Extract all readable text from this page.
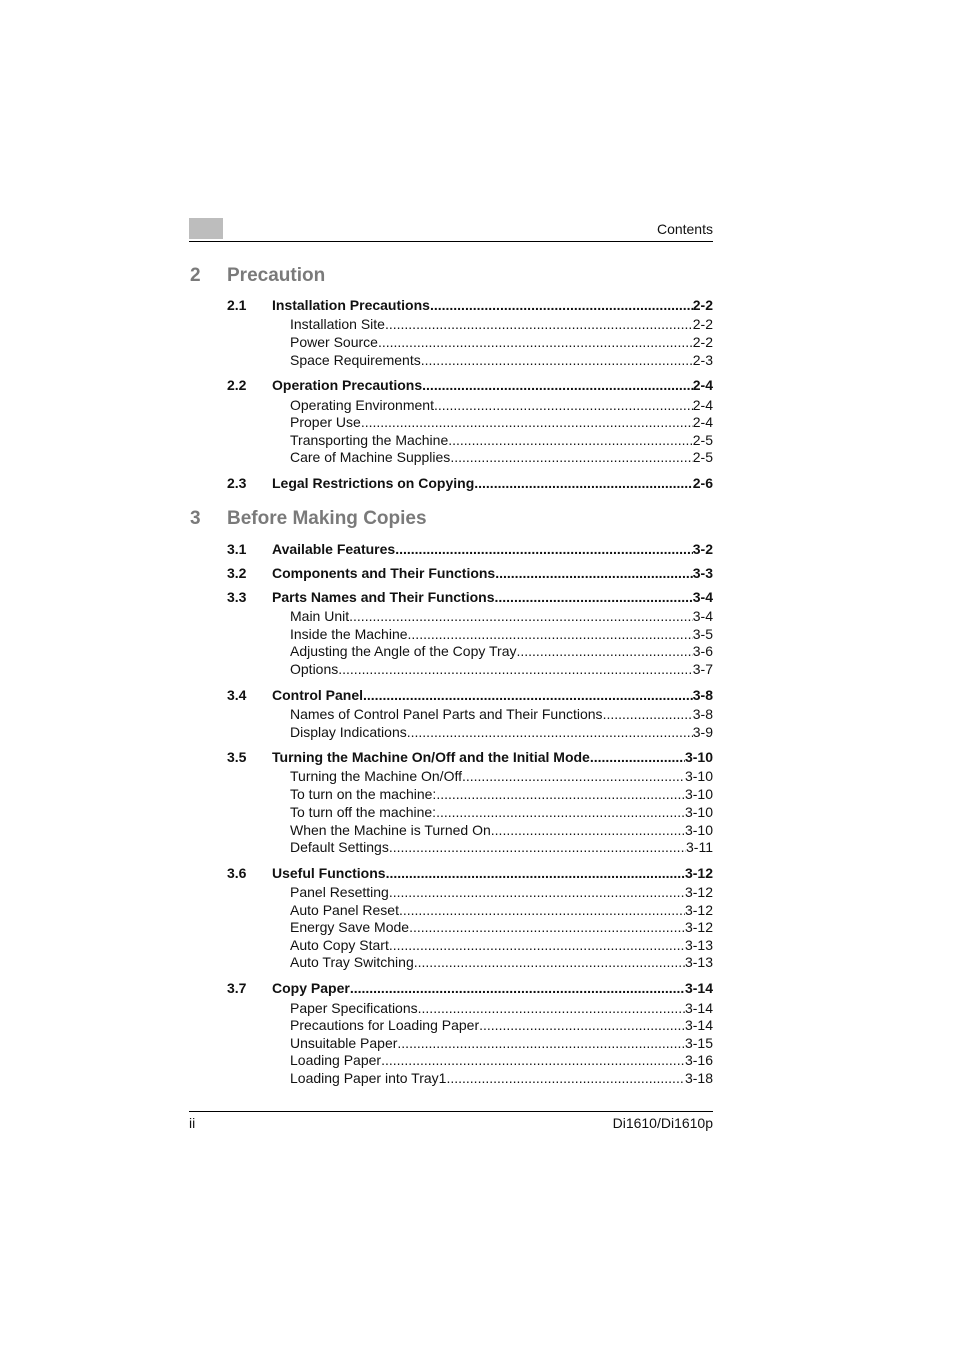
Contents
2 Precaution
2.1 Installation Precautions .....	2-2
Installation Site .....	2-2
Power Source .....	2-2
Space Requirements .....	2-3
2.2 Operation Precautions .....	2-4
Operating Environment .....	2-4
Proper Use .....	2-4
Transporting the Machine .....	2-5
Care of Machine Supplies .....	2-5
2.3 Legal Restrictions on Copying .....	2-6
3 Before Making Copies
3.1 Available Features .....	3-2
3.2 Components and Their Functions .....	3-3
3.3 Parts Names and Their Functions .....	3-4
Main Unit .....	3-4
Inside the Machine .....	3-5
Adjusting the Angle of the Copy Tray .....	3-6
Options .....	3-7
3.4 Control Panel .....	3-8
Names of Control Panel Parts and Their Functions .....	3-8
Display Indications .....	3-9
3.5 Turning the Machine On/Off and the Initial Mode .....	3-10
Turning the Machine On/Off .....	3-10
To turn on the machine: .....	3-10
To turn off the machine: .....	3-10
When the Machine is Turned On .....	3-10
Default Settings .....	3-11
3.6 Useful Functions .....	3-12
Panel Resetting .....	3-12
Auto Panel Reset .....	3-12
Energy Save Mode .....	3-12
Auto Copy Start .....	3-13
Auto Tray Switching .....	3-13
3.7 Copy Paper .....	3-14
Paper Specifications .....	3-14
Precautions for Loading Paper .....	3-14
Unsuitable Paper .....	3-15
Loading Paper .....	3-16
Loading Paper into Tray1 .....	3-18
ii	Di1610/Di1610p
